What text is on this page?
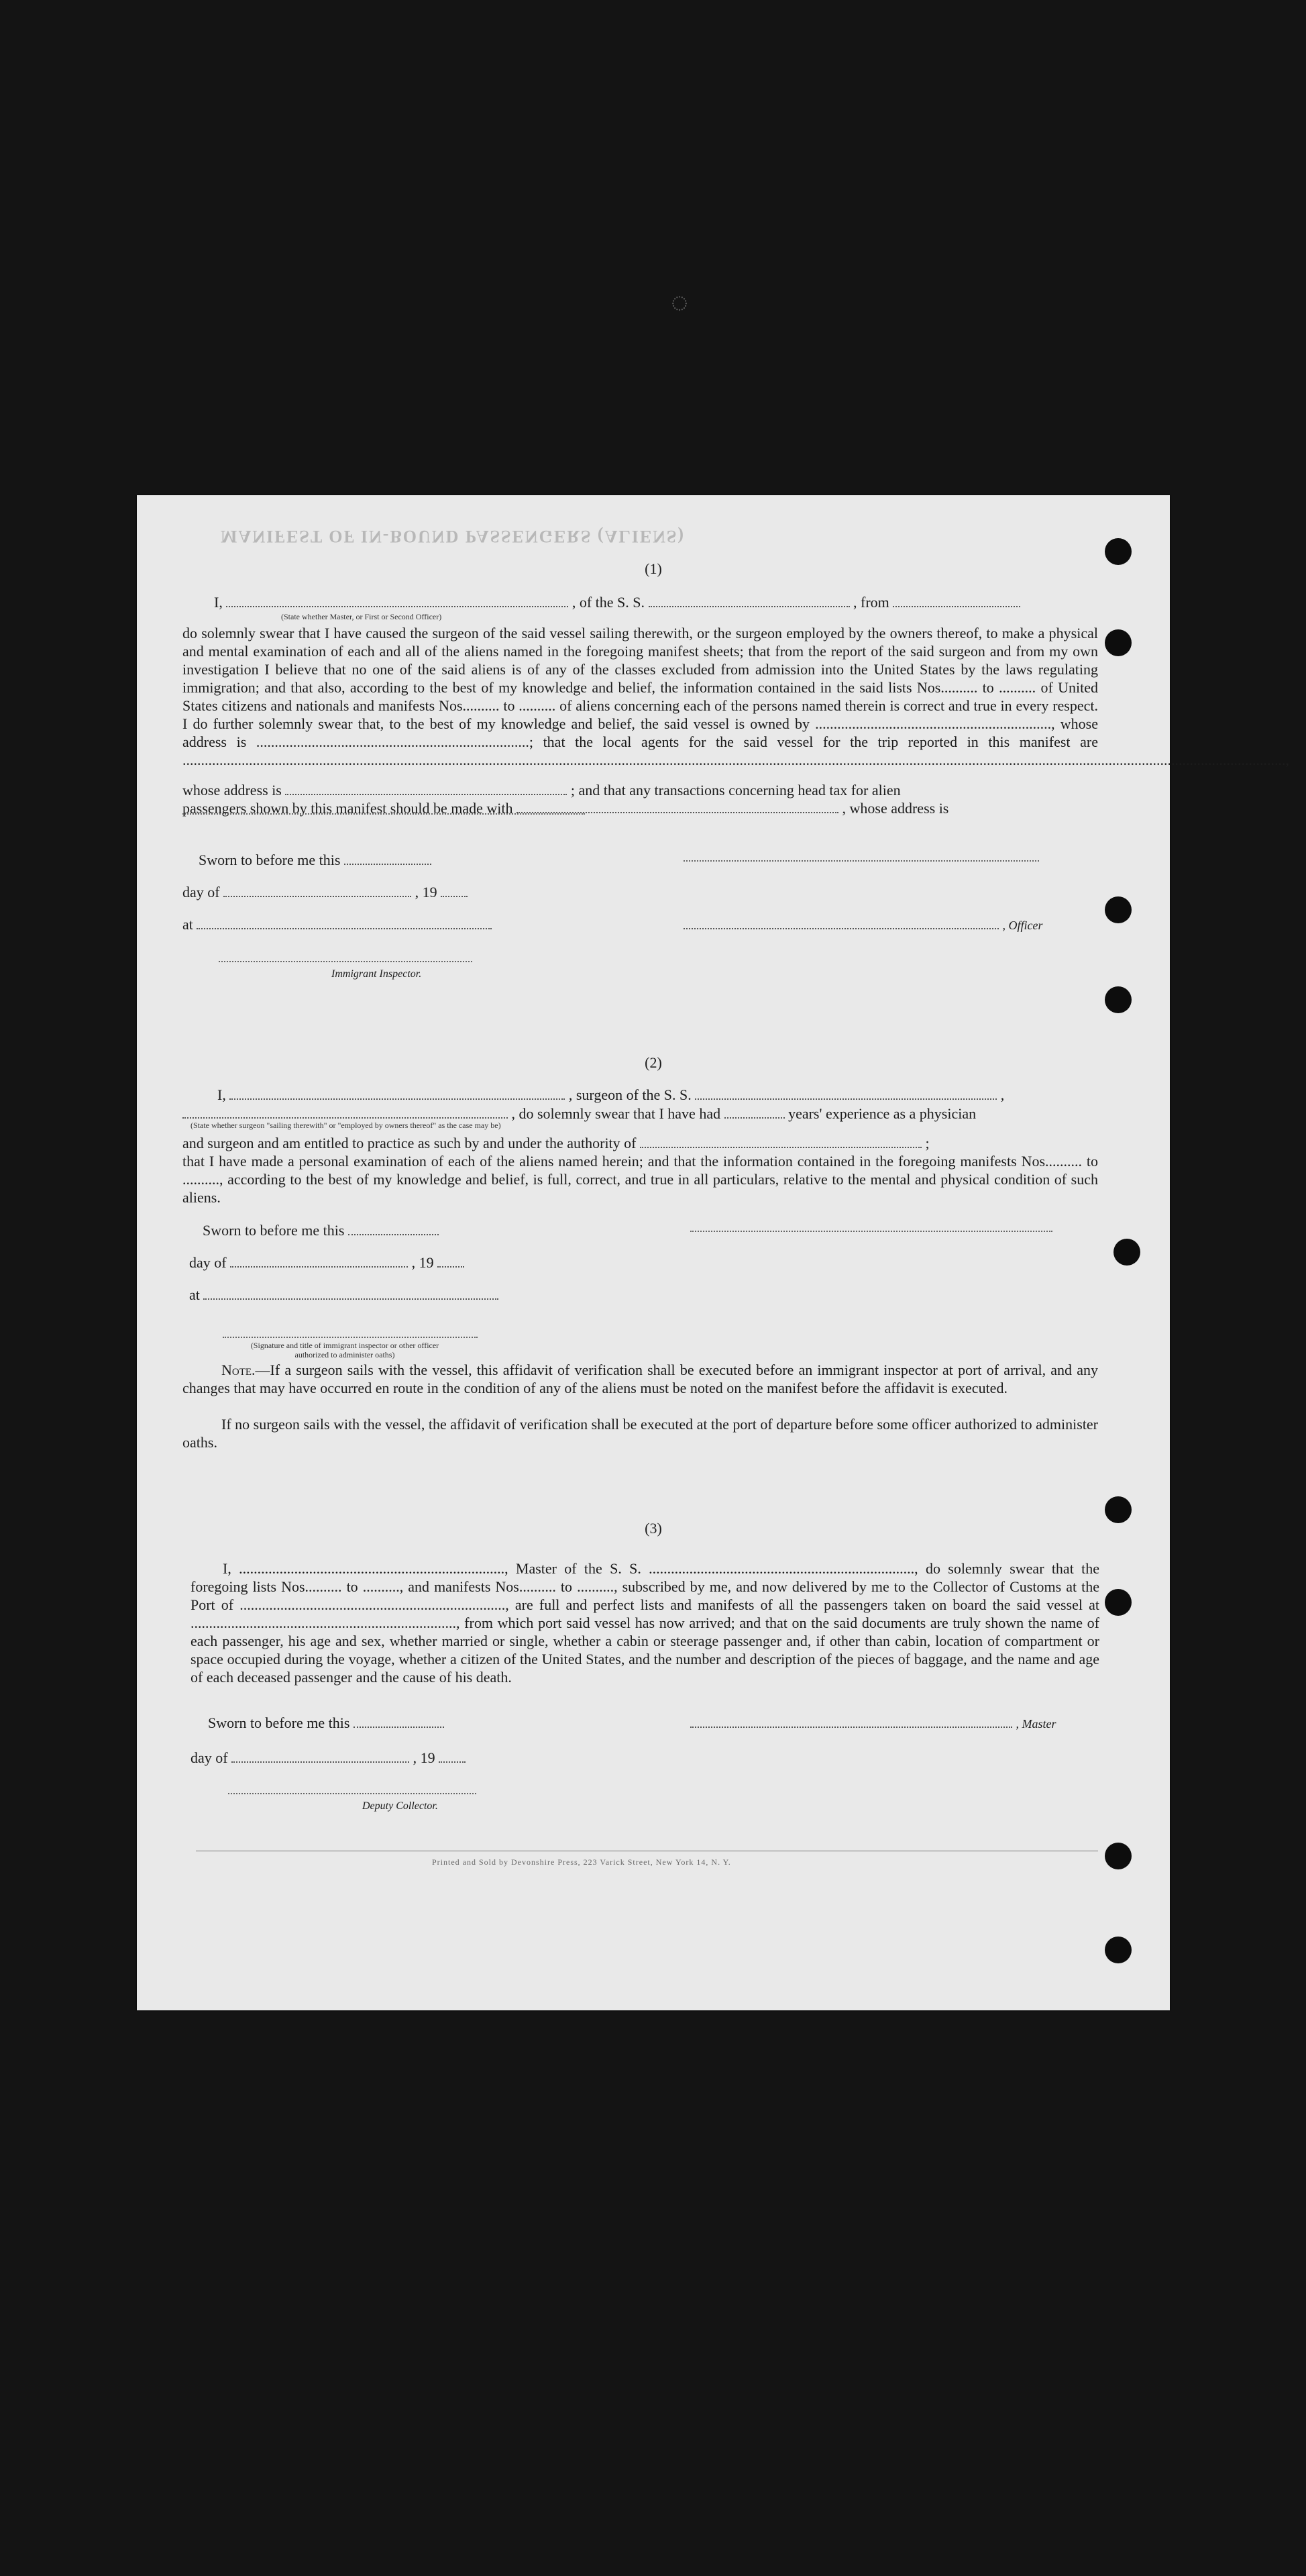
◌
MANIFEST OF IN-BOUND PASSENGERS (ALIENS)
(1)
I,	, of the S. S.	, from
(State whether Master, or First or Second Officer)
do solemnly swear that I have caused the surgeon of the said vessel sailing therewith, or the surgeon employed by the owners thereof, to make a physical and mental examination of each and all of the aliens named in the foregoing manifest sheets; that from the report of the said surgeon and from my own investigation I believe that no one of the said aliens is of any of the classes excluded from admission into the United States by the laws regulating immigration; and that also, according to the best of my knowledge and belief, the information contained in the said lists Nos.......... to .......... of United States citizens and nationals and manifests Nos.......... to .......... of aliens concerning each of the persons named therein is correct and true in every respect. I do further solemnly swear that, to the best of my knowledge and belief, the said vessel is owned by ................................................................, whose address is ..........................................................................; that the local agents for the said vessel for the trip reported in this manifest are ...........................................................................................................................................................................................................................................................................................................,
whose address is	; and that any transactions concerning head tax for alien
passengers shown by this manifest should be made with	, whose address is
Sworn to before me this
day of	, 19
at	, Officer
Immigrant Inspector.
(2)
I,	, surgeon of the S. S.	,
, do solemnly swear that I have had	years' experience as a physician
(State whether surgeon "sailing therewith" or "employed by owners thereof" as the case may be)
and surgeon and am entitled to practice as such by and under the authority of	;
that I have made a personal examination of each of the aliens named herein; and that the information contained in the foregoing manifests Nos.......... to .........., according to the best of my knowledge and belief, is full, correct, and true in all particulars, relative to the mental and physical condition of such aliens.
Sworn to before me this
day of	, 19
at
(Signature and title of immigrant inspector or other officer authorized to administer oaths)
Note.—If a surgeon sails with the vessel, this affidavit of verification shall be executed before an immigrant inspector at port of arrival, and any changes that may have occurred en route in the condition of any of the aliens must be noted on the manifest before the affidavit is executed.
If no surgeon sails with the vessel, the affidavit of verification shall be executed at the port of departure before some officer authorized to administer oaths.
(3)
I, ........................................................................, Master of the S. S. ........................................................................, do solemnly swear that the foregoing lists Nos.......... to .........., and manifests Nos.......... to .........., subscribed by me, and now delivered by me to the Collector of Customs at the Port of ........................................................................, are full and perfect lists and manifests of all the passengers taken on board the said vessel at ........................................................................, from which port said vessel has now arrived; and that on the said documents are truly shown the name of each passenger, his age and sex, whether married or single, whether a cabin or steerage passenger and, if other than cabin, location of compartment or space occupied during the voyage, whether a citizen of the United States, and the number and description of the pieces of baggage, and the name and age of each deceased passenger and the cause of his death.
Sworn to before me this	, Master
day of	, 19
Deputy Collector.
Printed and Sold by Devonshire Press, 223 Varick Street, New York 14, N. Y.
